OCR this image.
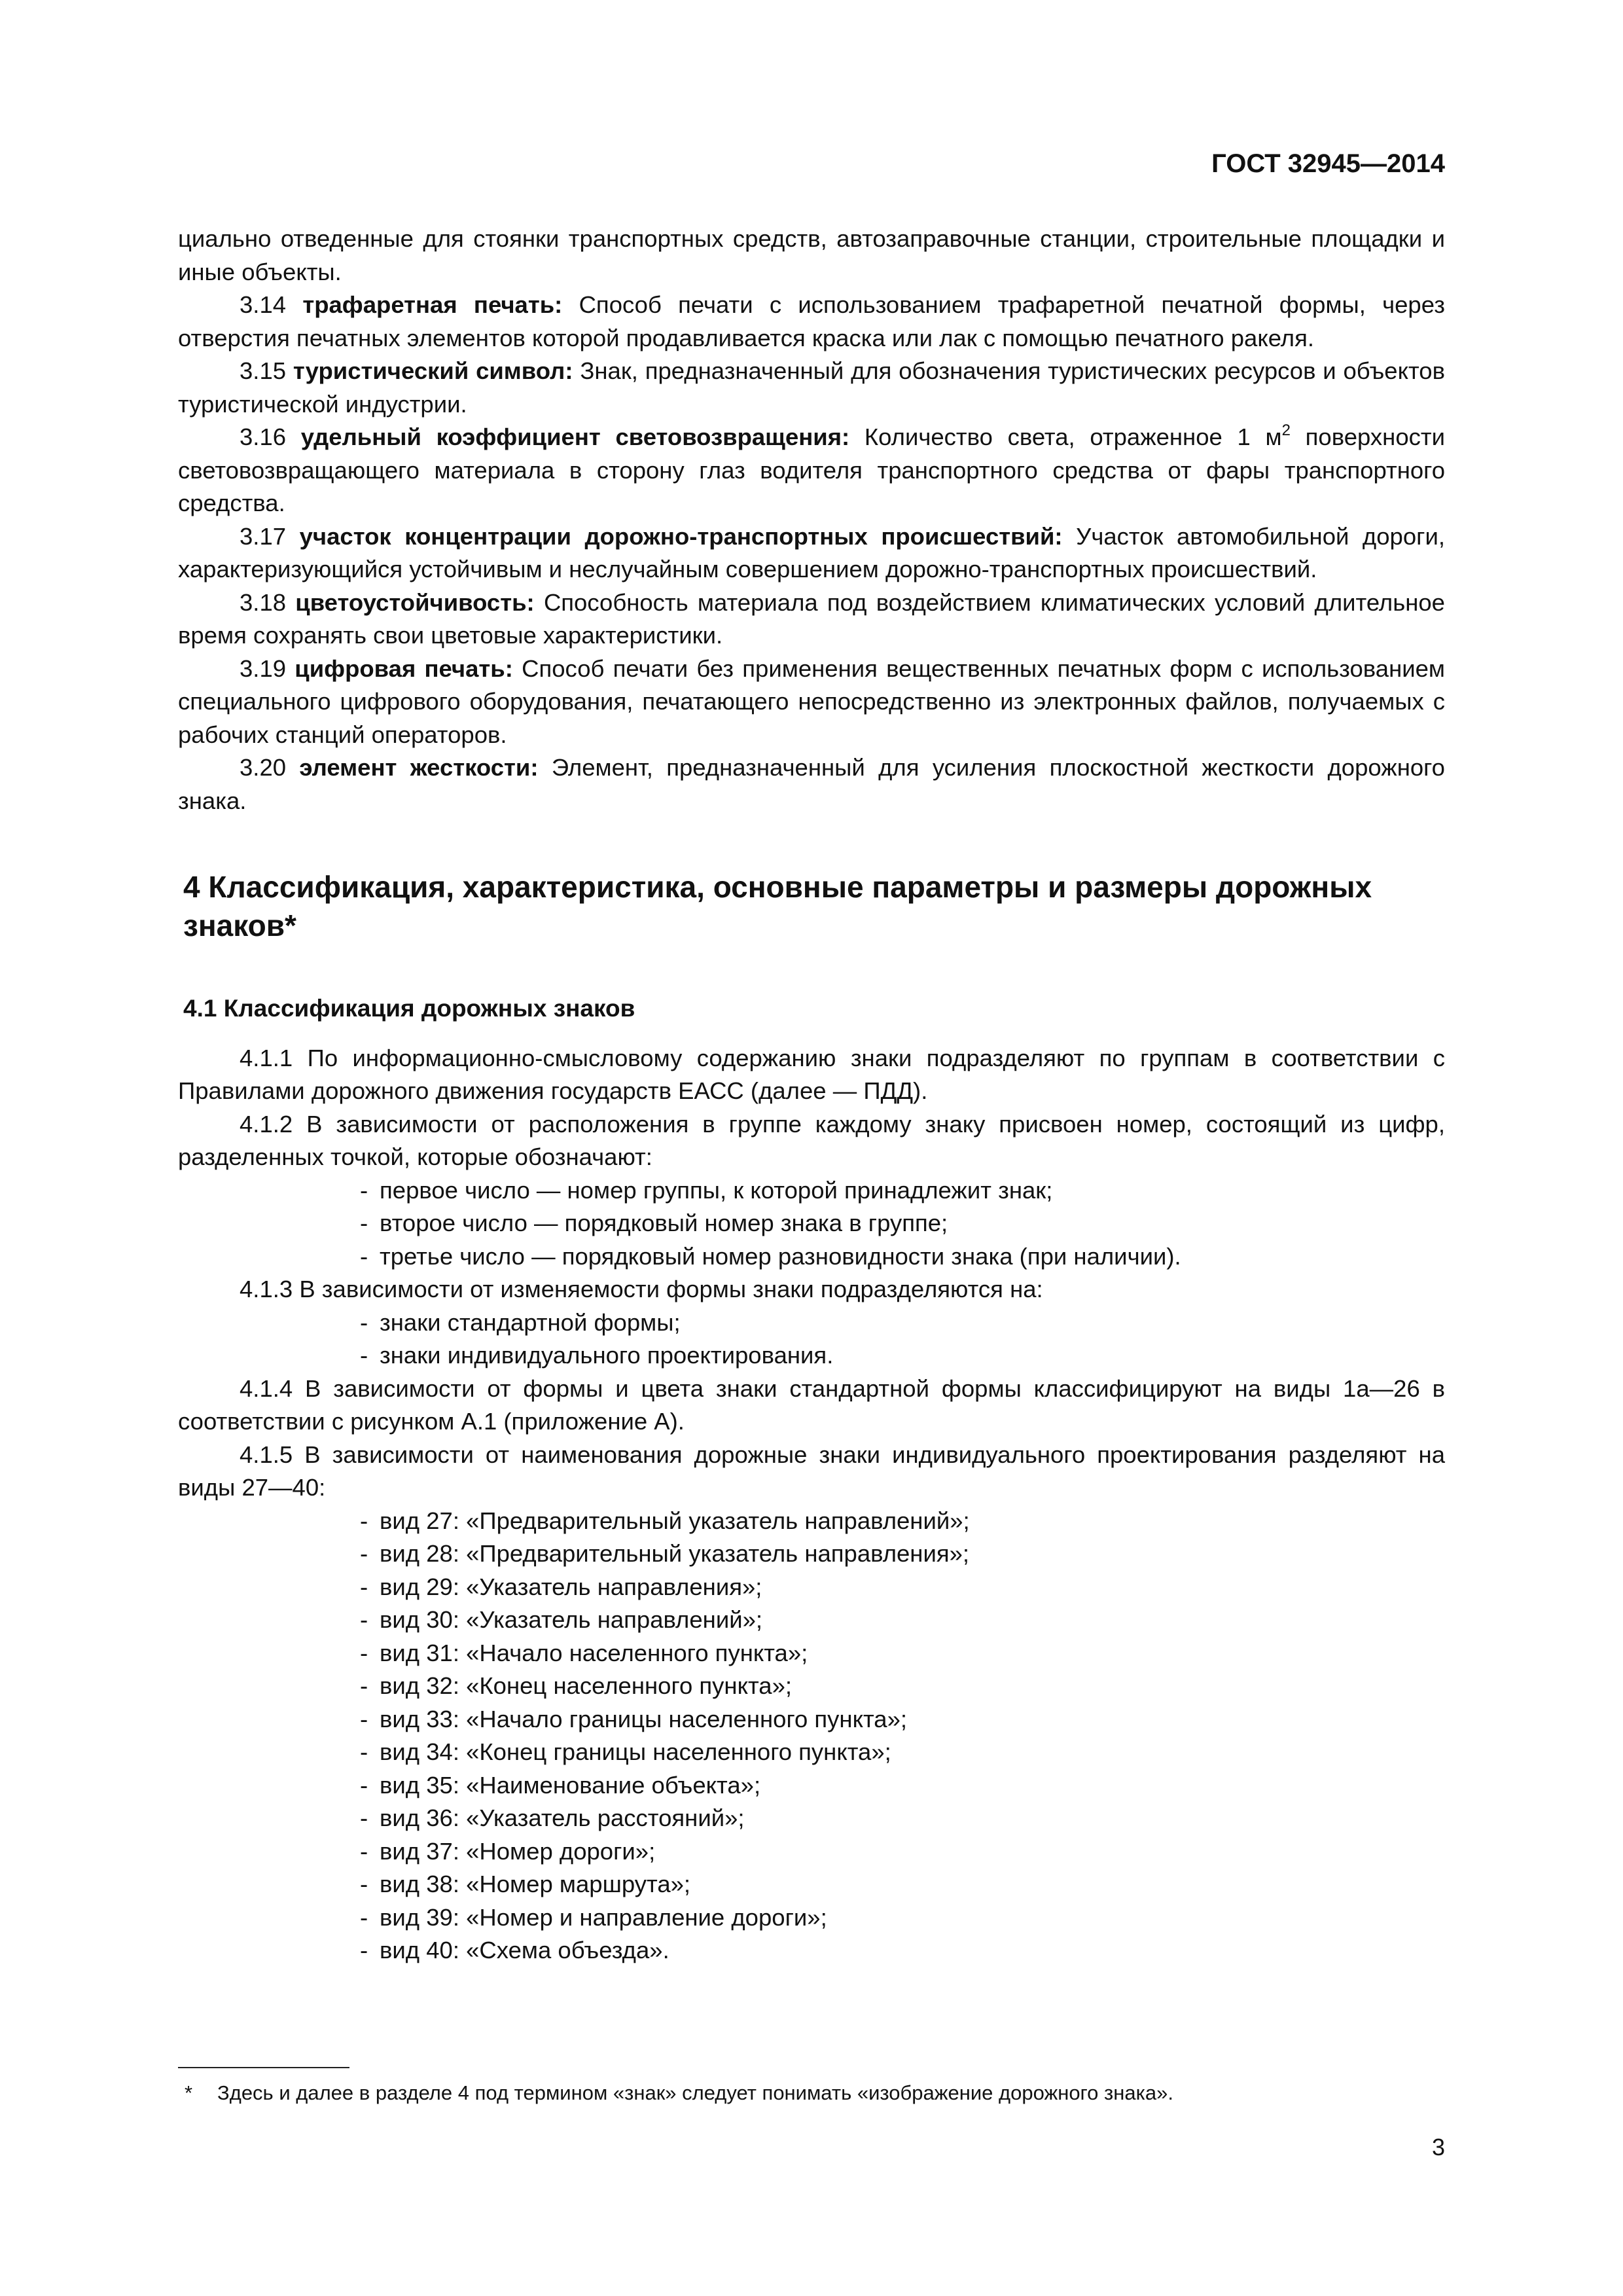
ГОСТ 32945—2014

циально отведенные для стоянки транспортных средств, автозаправочные станции, строительные площадки и иные объекты.

3.14 трафаретная печать: Способ печати с использованием трафаретной печатной формы, через отверстия печатных элементов которой продавливается краска или лак с помощью печатного ракеля.

3.15 туристический символ: Знак, предназначенный для обозначения туристических ресурсов и объектов туристической индустрии.

3.16 удельный коэффициент световозвращения: Количество света, отраженное 1 $м^2$ поверхности световозвращающего материала в сторону глаз водителя транспортного средства от фары транспортного средства.

3.17 участок концентрации дорожно-транспортных происшествий: Участок автомобильной дороги, характеризующийся устойчивым и неслучайным совершением дорожно-транспортных происшествий.

3.18 цветоустойчивость: Способность материала под воздействием климатических условий длительное время сохранять свои цветовые характеристики.

3.19 цифровая печать: Способ печати без применения вещественных печатных форм с использованием специального цифрового оборудования, печатающего непосредственно из электронных файлов, получаемых с рабочих станций операторов.

3.20 элемент жесткости: Элемент, предназначенный для усиления плоскостной жесткости дорожного знака.

4 Классификация, характеристика, основные параметры и размеры дорожных знаков*
4.1 Классификация дорожных знаков

4.1.1 По информационно-смысловому содержанию знаки подразделяют по группам в соответствии с Правилами дорожного движения государств ЕАСС (далее — ПДД).

4.1.2 В зависимости от расположения в группе каждому знаку присвоен номер, состоящий из цифр, разделенных точкой, которые обозначают:

- первое число — номер группы, к которой принадлежит знак;
- второе число — порядковый номер знака в группе;
- третье число — порядковый номер разновидности знака (при наличии).

4.1.3 В зависимости от изменяемости формы знаки подразделяются на:

- знаки стандартной формы;
- знаки индивидуального проектирования.

4.1.4 В зависимости от формы и цвета знаки стандартной формы классифицируют на виды 1а—26 в соответствии с рисунком А.1 (приложение А).

4.1.5 В зависимости от наименования дорожные знаки индивидуального проектирования разделяют на виды 27—40:

- вид 27: «Предварительный указатель направлений»;
- вид 28: «Предварительный указатель направления»;
- вид 29: «Указатель направления»;
- вид 30: «Указатель направлений»;
- вид 31: «Начало населенного пункта»;
- вид 32: «Конец населенного пункта»;
- вид 33: «Начало границы населенного пункта»;
- вид 34: «Конец границы населенного пункта»;
- вид 35: «Наименование объекта»;
- вид 36: «Указатель расстояний»;
- вид 37: «Номер дороги»;
- вид 38: «Номер маршрута»;
- вид 39: «Номер и направление дороги»;
- вид 40: «Схема объезда».
* Здесь и далее в разделе 4 под термином «знак» следует понимать «изображение дорожного знака».
3
